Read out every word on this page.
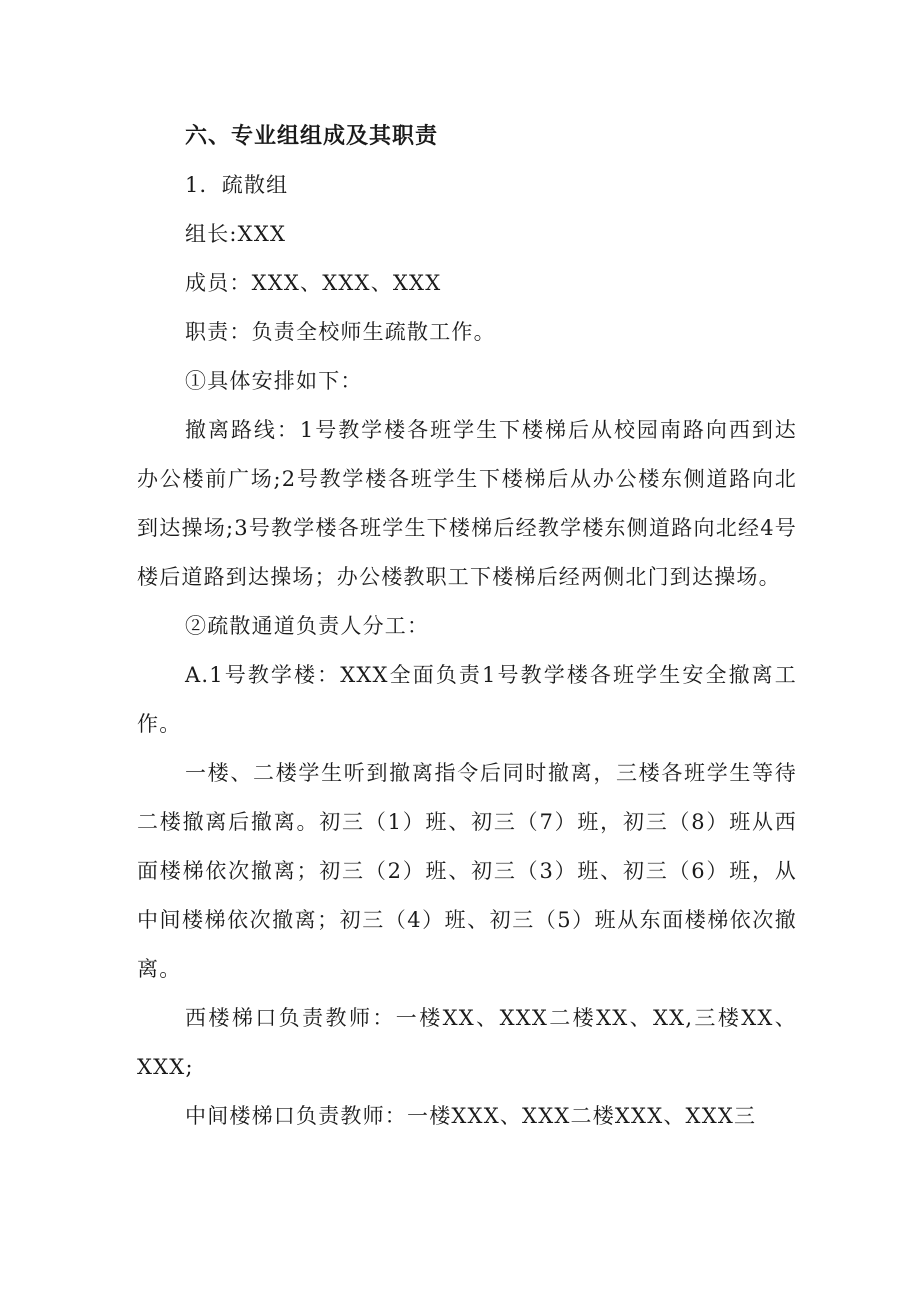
六、专业组组成及其职责

1．疏散组

组长:XXX

成员：XXX、XXX、XXX

职责：负责全校师生疏散工作。

①具体安排如下：

撤离路线：1号教学楼各班学生下楼梯后从校园南路向西到达办公楼前广场;2号教学楼各班学生下楼梯后从办公楼东侧道路向北到达操场;3号教学楼各班学生下楼梯后经教学楼东侧道路向北经4号楼后道路到达操场；办公楼教职工下楼梯后经两侧北门到达操场。

②疏散通道负责人分工：

A.1号教学楼：XXX全面负责1号教学楼各班学生安全撤离工作。

一楼、二楼学生听到撤离指令后同时撤离，三楼各班学生等待二楼撤离后撤离。初三（1）班、初三（7）班，初三（8）班从西面楼梯依次撤离；初三（2）班、初三（3）班、初三（6）班，从中间楼梯依次撤离；初三（4）班、初三（5）班从东面楼梯依次撤离。

西楼梯口负责教师：一楼XX、XXX二楼XX、XX,三楼XX、XXX;

中间楼梯口负责教师：一楼XXX、XXX二楼XXX、XXX三
